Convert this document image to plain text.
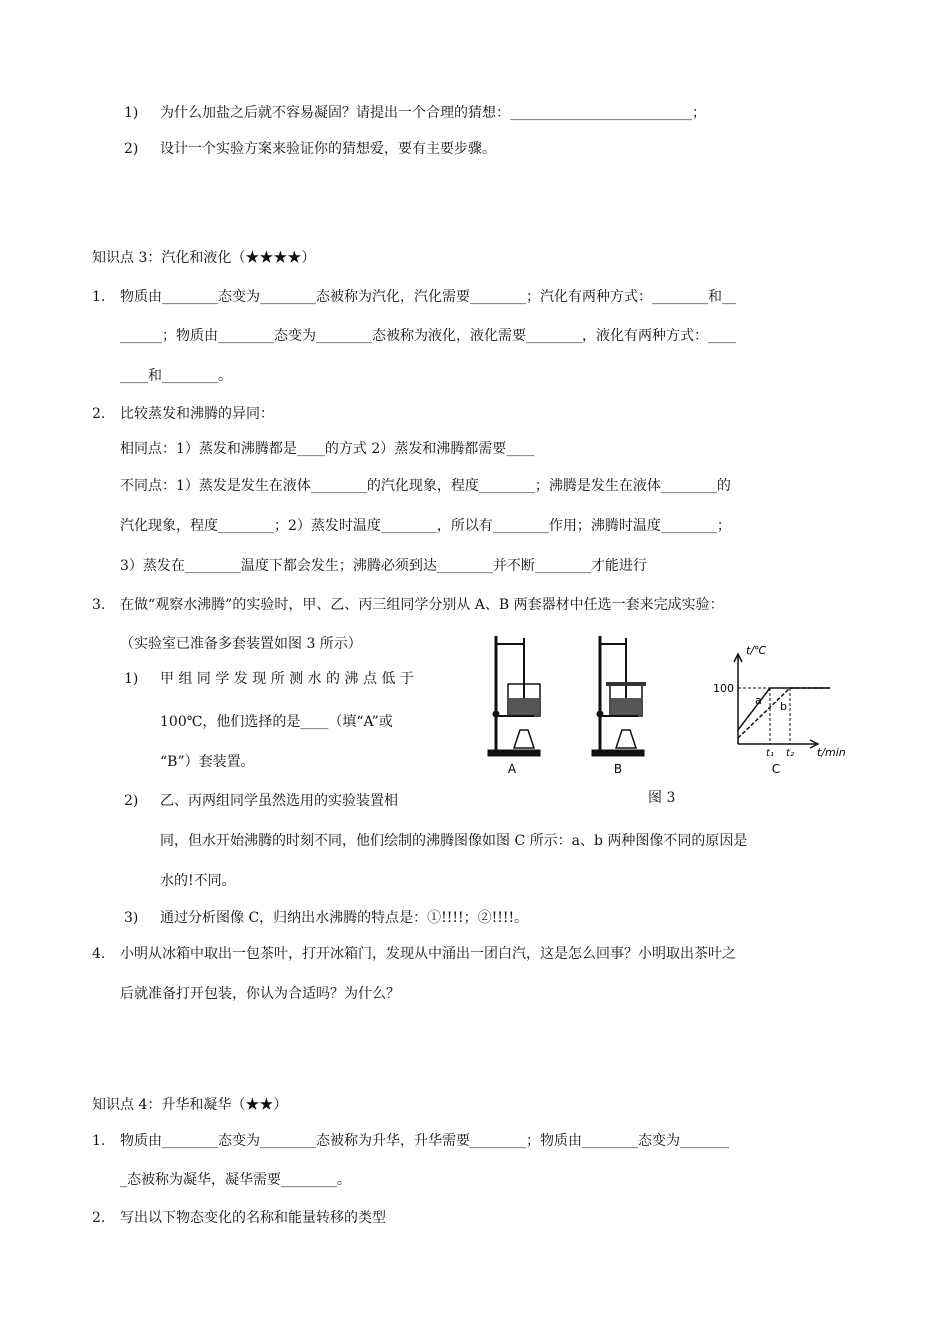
1) 为什么加盐之后就不容易凝固？请提出一个合理的猜想：__________________________；
2) 设计一个实验方案来验证你的猜想爱，要有主要步骤。
知识点 3：汽化和液化（★★★★）
1. 物质由________态变为________态被称为汽化，汽化需要________；汽化有两种方式：________和__
______；物质由________态变为________态被称为液化，液化需要________，液化有两种方式：____
____和________。
2. 比较蒸发和沸腾的异同：
相同点：1）蒸发和沸腾都是____的方式 2）蒸发和沸腾都需要____
不同点：1）蒸发是发生在液体________的汽化现象，程度________；沸腾是发生在液体________的
汽化现象，程度________；2）蒸发时温度________，所以有________作用；沸腾时温度________；
3）蒸发在________温度下都会发生；沸腾必须到达________并不断________才能进行
3. 在做“观察水沸腾”的实验时，甲、乙、丙三组同学分别从 A、B 两套器材中任选一套来完成实验：
（实验室已准备多套装置如图 3 所示）
1) 甲 组 同 学 发 现 所 测 水 的 沸 点 低 于
100℃，他们选择的是____（填“A”或
“B”）套装置。
2) 乙、丙两组同学虽然选用的实验装置相
同，但水开始沸腾的时刻不同，他们绘制的沸腾图像如图 C 所示：a、b 两种图像不同的原因是
水的!不同。
3) 通过分析图像 C，归纳出水沸腾的特点是：①!!!!；②!!!!。
4. 小明从冰箱中取出一包茶叶，打开冰箱门，发现从中涌出一团白汽，这是怎么回事？小明取出茶叶之
后就准备打开包装，你认为合适吗？为什么？
知识点 4：升华和凝华（★★）
1. 物质由________态变为________态被称为升华，升华需要________；物质由________态变为_______
_态被称为凝华，凝华需要________。
2. 写出以下物态变化的名称和能量转移的类型
A	B
t/℃
t/min
100
t₁ t₂
a b
C
图 3
